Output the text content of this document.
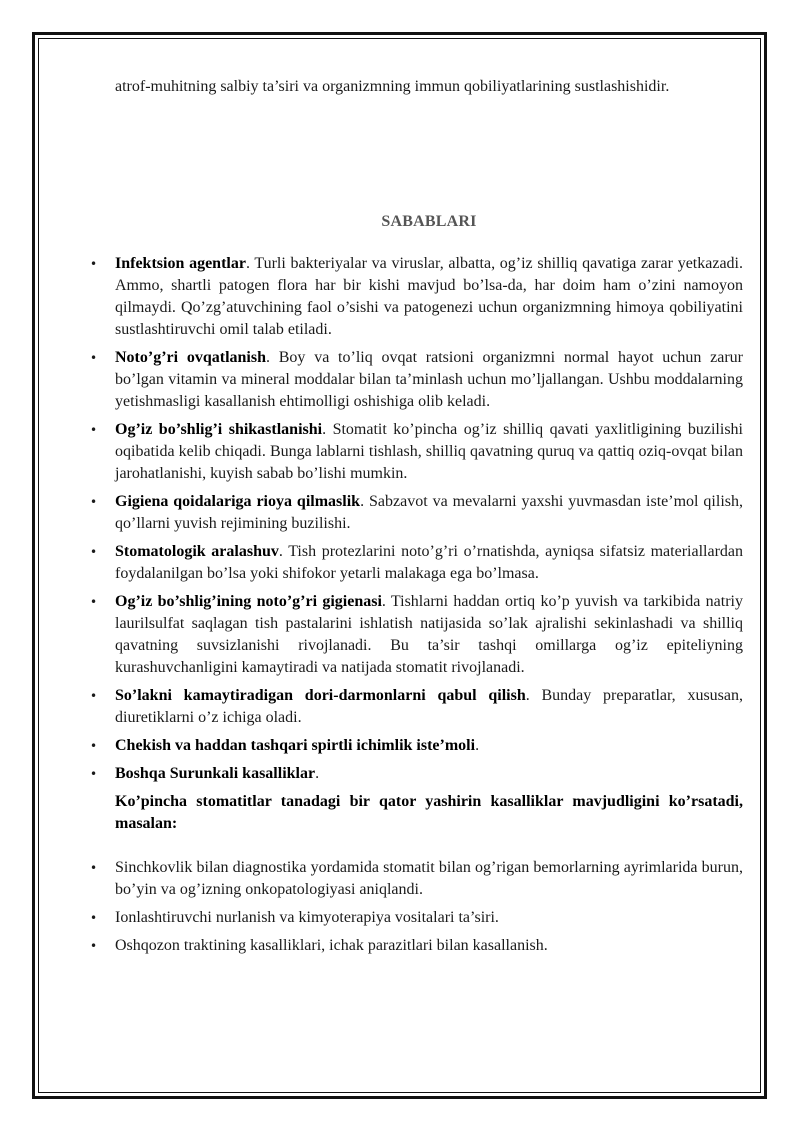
atrof-muhitning salbiy ta’siri va organizmning immun qobiliyatlarining sustlashishidir.

SABABLARI
• Infektsion agentlar. Turli bakteriyalar va viruslar, albatta, og’iz shilliq qavatiga zarar yetkazadi. Ammo, shartli patogen flora har bir kishi mavjud bo’lsa-da, har doim ham o’zini namoyon qilmaydi. Qo’zg’atuvchining faol o’sishi va patogenezi uchun organizmning himoya qobiliyatini sustlashtiruvchi omil talab etiladi.
• Noto’g’ri ovqatlanish. Boy va to’liq ovqat ratsioni organizmni normal hayot uchun zarur bo’lgan vitamin va mineral moddalar bilan ta’minlash uchun mo’ljallangan. Ushbu moddalarning yetishmasligi kasallanish ehtimolligi oshishiga olib keladi.
• Og’iz bo’shlig’i shikastlanishi. Stomatit ko’pincha og’iz shilliq qavati yaxlitligining buzilishi oqibatida kelib chiqadi. Bunga lablarni tishlash, shilliq qavatning quruq va qattiq oziq-ovqat bilan jarohatlanishi, kuyish sabab bo’lishi mumkin.
• Gigiena qoidalariga rioya qilmaslik. Sabzavot va mevalarni yaxshi yuvmasdan iste’mol qilish, qo’llarni yuvish rejimining buzilishi.
• Stomatologik aralashuv. Tish protezlarini noto’g’ri o’rnatishda, ayniqsa sifatsiz materiallardan foydalanilgan bo’lsa yoki shifokor yetarli malakaga ega bo’lmasa.
• Og’iz bo’shlig’ining noto’g’ri gigienasi. Tishlarni haddan ortiq ko’p yuvish va tarkibida natriy laurilsulfat saqlagan tish pastalarini ishlatish natijasida so’lak ajralishi sekinlashadi va shilliq qavatning suvsizlanishi rivojlanadi. Bu ta’sir tashqi omillarga og’iz epiteliyning kurashuvchanligini kamaytiradi va natijada stomatit rivojlanadi.
• So’lakni kamaytiradigan dori-darmonlarni qabul qilish. Bunday preparatlar, xususan, diuretiklarni o’z ichiga oladi.
• Chekish va haddan tashqari spirtli ichimlik iste’moli.
• Boshqa Surunkali kasalliklar.

Ko’pincha stomatitlar tanadagi bir qator yashirin kasalliklar mavjudligini ko’rsatadi, masalan:

• Sinchkovlik bilan diagnostika yordamida stomatit bilan og’rigan bemorlarning ayrimlarida burun, bo’yin va og’izning onkopatologiyasi aniqlandi.
• Ionlashtiruvchi nurlanish va kimyoterapiya vositalari ta’siri.
• Oshqozon traktining kasalliklari, ichak parazitlari bilan kasallanish.
